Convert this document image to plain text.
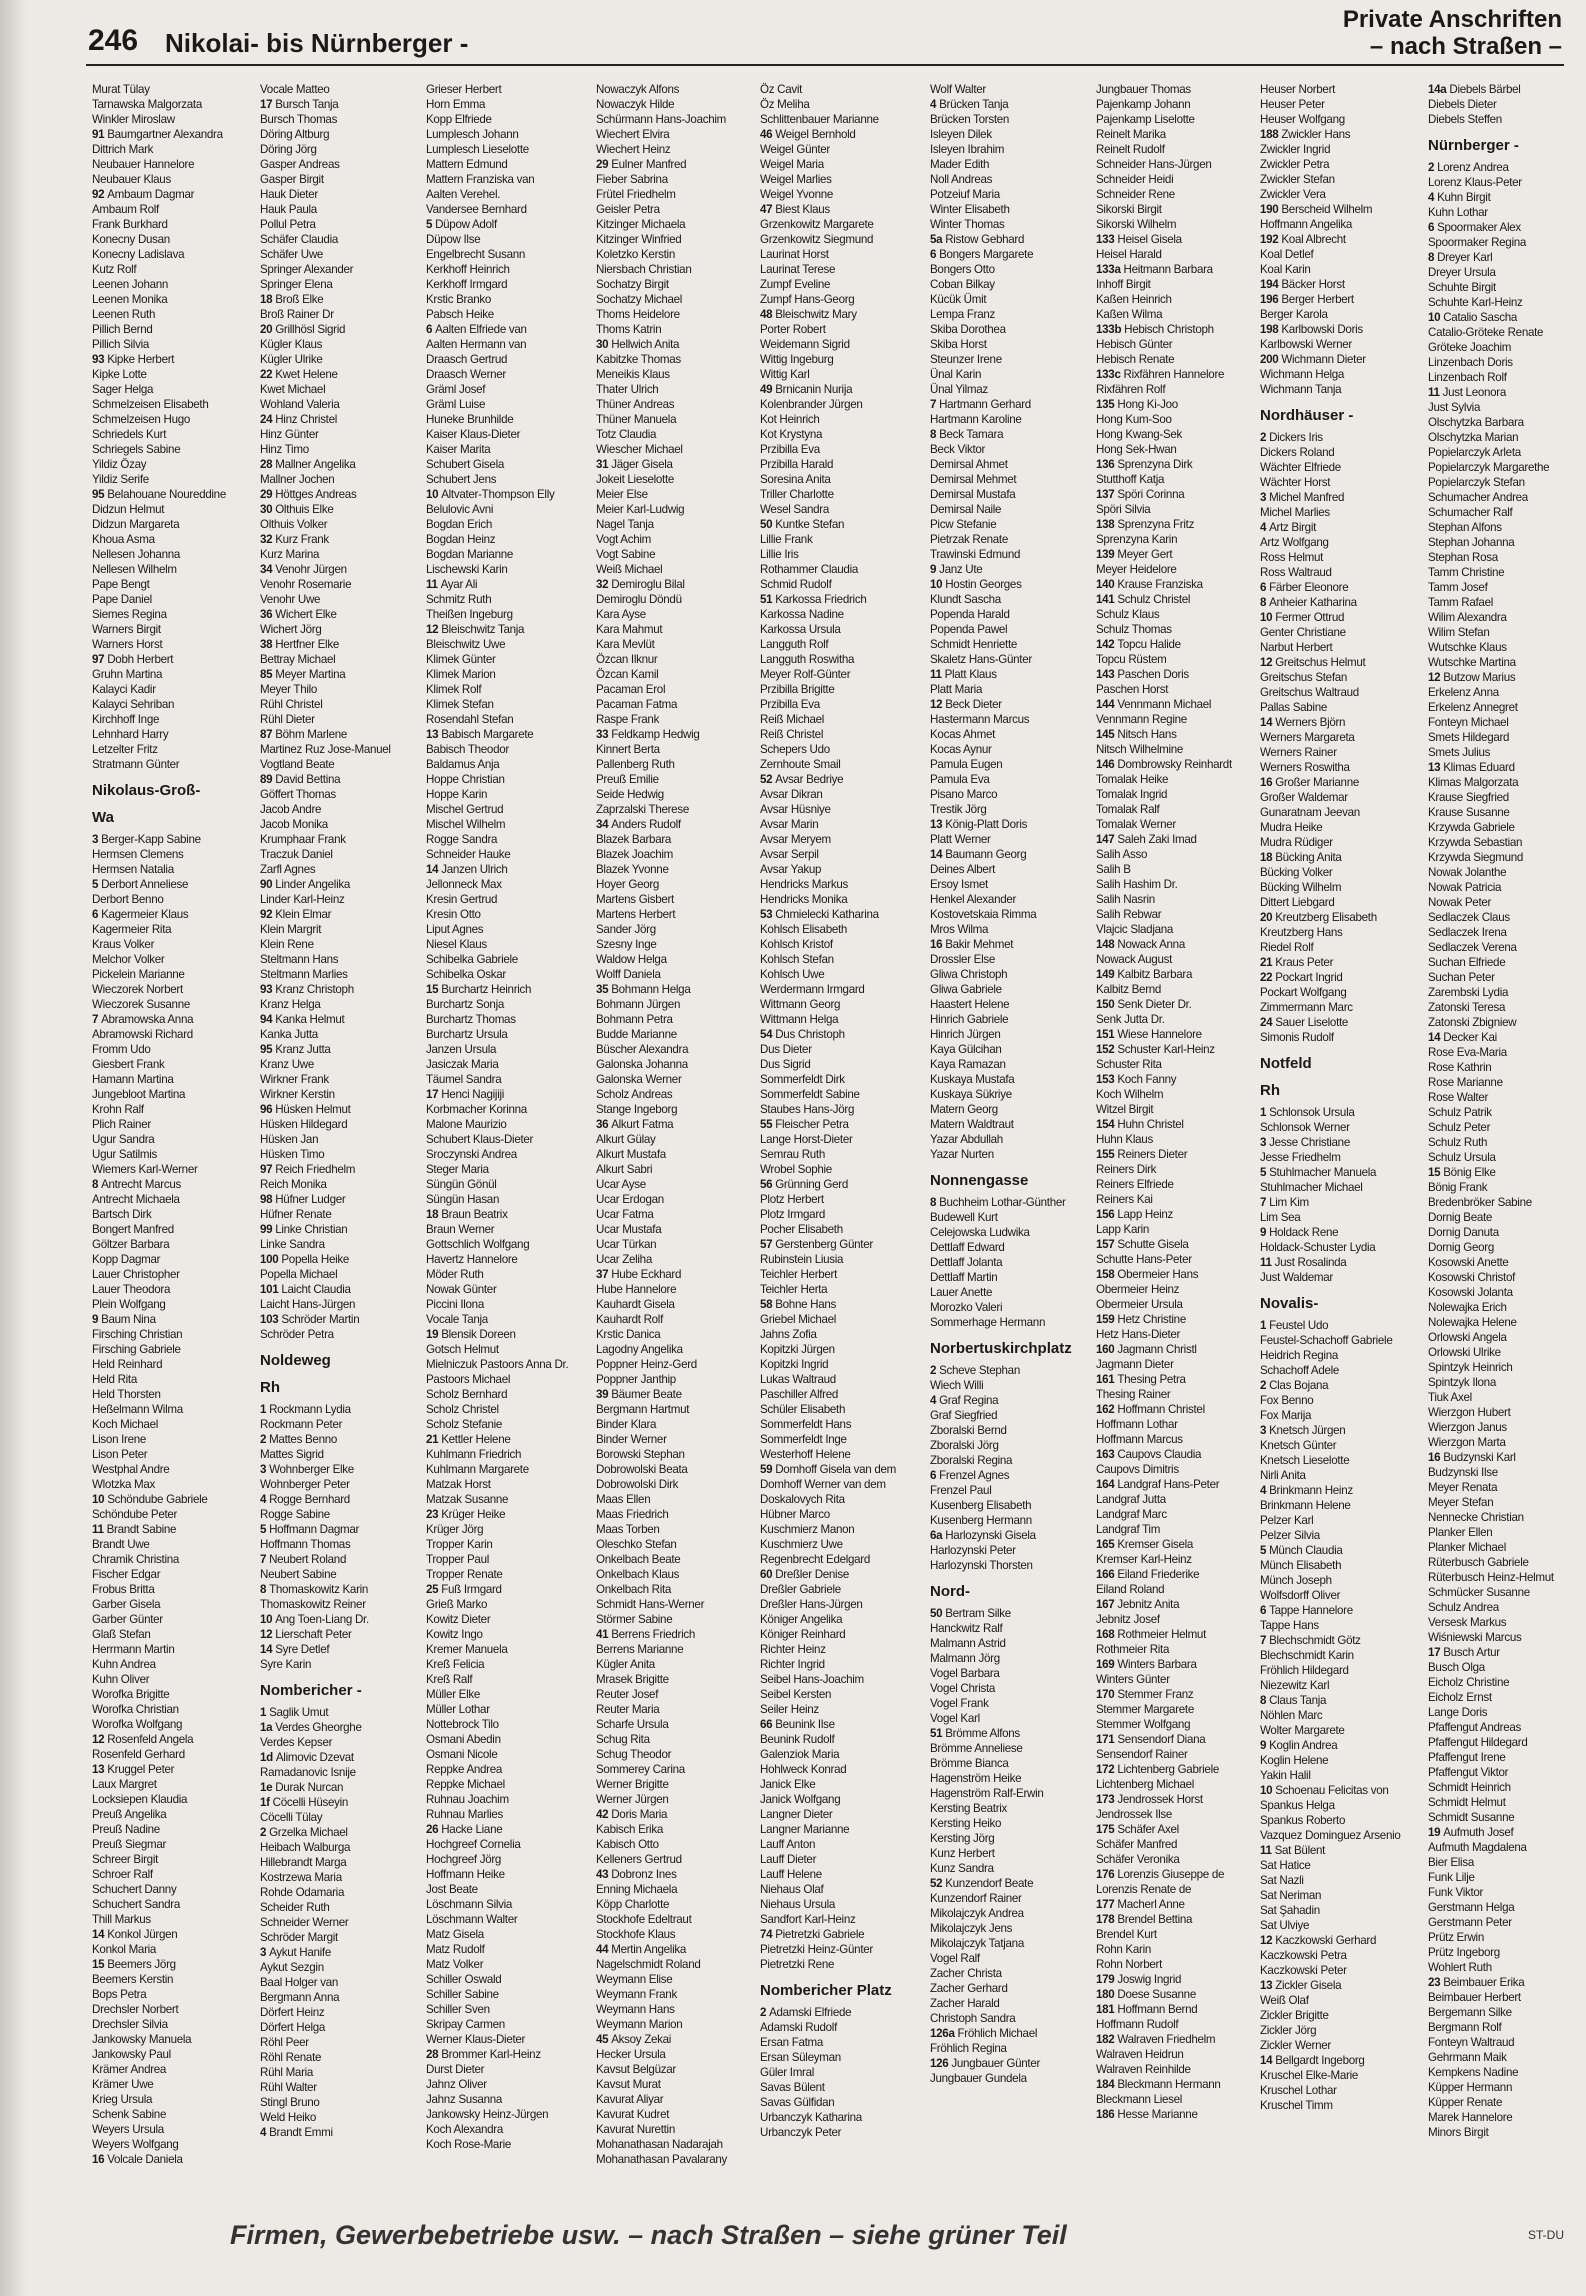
246 Nikolai- bis Nürnberger -
Private Anschriften
– nach Straßen –
Murat Tülay
Tarnawska Malgorzata
Winkler Miroslaw
91 Baumgartner Alexandra
Dittrich Mark
Neubauer Hannelore
Neubauer Klaus
92 Ambaum Dagmar
Ambaum Rolf
Frank Burkhard
Konecny Dusan
Konecny Ladislava
Kutz Rolf
Leenen Johann
Leenen Monika
Leenen Ruth
Pillich Bernd
Pillich Silvia
93 Kipke Herbert
Kipke Lotte
Sager Helga
Schmelzeisen Elisabeth
Schmelzeisen Hugo
Schriedels Kurt
Schriegels Sabine
Yildiz Özay
Yildiz Serife
95 Belahouane Noureddine
Didzun Helmut
Didzun Margareta
Khoua Asma
Nellesen Johanna
Nellesen Wilhelm
Pape Bengt
Pape Daniel
Siemes Regina
Warners Birgit
Warners Horst
97 Dobh Herbert
Gruhn Martina
Kalayci Kadir
Kalayci Sehriban
Kirchhoff Inge
Lehnhard Harry
Letzelter Fritz
Stratmann Günter
Nikolaus-Groß-
Wa
3 Berger-Kapp Sabine
Hermsen Clemens
Hermsen Natalia
5 Derbort Anneliese
Derbort Benno
6 Kagermeier Klaus
Kagermeier Rita
Kraus Volker
Melchor Volker
Pickelein Marianne
Wieczorek Norbert
Wieczorek Susanne
7 Abramowska Anna
Abramowski Richard
Fromm Udo
Giesbert Frank
Hamann Martina
Jungebloot Martina
Krohn Ralf
Plich Rainer
Ugur Sandra
Ugur Satilmis
Wiemers Karl-Werner
8 Antrecht Marcus
Antrecht Michaela
Bartsch Dirk
Bongert Manfred
Göltzer Barbara
Kopp Dagmar
Lauer Christopher
Lauer Theodora
Plein Wolfgang
9 Baum Nina
Firsching Christian
Firsching Gabriele
Held Reinhard
Held Rita
Held Thorsten
Heßelmann Wilma
Koch Michael
Lison Irene
Lison Peter
Westphal Andre
Wlotzka Max
10 Schöndube Gabriele
Schöndube Peter
11 Brandt Sabine
Brandt Uwe
Chramik Christina
Fischer Edgar
Frobus Britta
Garber Gisela
Garber Günter
Glaß Stefan
Herrmann Martin
Kuhn Andrea
Kuhn Oliver
Worofka Brigitte
Worofka Christian
Worofka Wolfgang
12 Rosenfeld Angela
Rosenfeld Gerhard
13 Kruggel Peter
Laux Margret
Locksiepen Klaudia
Preuß Angelika
Preuß Nadine
Preuß Siegmar
Schreer Birgit
Schroer Ralf
Schuchert Danny
Schuchert Sandra
Thill Markus
14 Konkol Jürgen
Konkol Maria
15 Beemers Jörg
Beemers Kerstin
Bops Petra
Drechsler Norbert
Drechsler Silvia
Jankowsky Manuela
Jankowsky Paul
Krämer Andrea
Krämer Uwe
Krieg Ursula
Schenk Sabine
Weyers Ursula
Weyers Wolfgang
16 Volcale Daniela
Vocale Matteo
17 Bursch Tanja
Bursch Thomas
Döring Altburg
Döring Jörg
Gasper Andreas
Gasper Birgit
Hauk Dieter
Hauk Paula
Pollul Petra
Schäfer Claudia
Schäfer Uwe
Springer Alexander
Springer Elena
18 Broß Elke
Broß Rainer Dr
20 Grillhösl Sigrid
Kügler Klaus
Kügler Ulrike
22 Kwet Helene
Kwet Michael
Wohland Valeria
24 Hinz Christel
Hinz Günter
Hinz Timo
28 Mallner Angelika
Mallner Jochen
29 Höttges Andreas
30 Olthuis Elke
Olthuis Volker
32 Kurz Frank
Kurz Marina
34 Venohr Jürgen
Venohr Rosemarie
Venohr Uwe
36 Wichert Elke
Wichert Jörg
38 Hertfner Elke
Bettray Michael
85 Meyer Martina
Meyer Thilo
Rühl Christel
Rühl Dieter
87 Böhm Marlene
Martinez Ruz Jose-Manuel
Vogtland Beate
89 David Bettina
Göffert Thomas
Jacob Andre
Jacob Monika
Krumphaar Frank
Traczuk Daniel
Zarfl Agnes
90 Linder Angelika
Linder Karl-Heinz
92 Klein Elmar
Klein Margrit
Klein Rene
Steltmann Hans
Steltmann Marlies
93 Kranz Christoph
Kranz Helga
94 Kanka Helmut
Kanka Jutta
95 Kranz Jutta
Kranz Uwe
Wirkner Frank
Wirkner Kerstin
96 Hüsken Helmut
Hüsken Hildegard
Hüsken Jan
Hüsken Timo
97 Reich Friedhelm
Reich Monika
98 Hüfner Ludger
Hüfner Renate
99 Linke Christian
Linke Sandra
100 Popella Heike
Popella Michael
101 Laicht Claudia
Laicht Hans-Jürgen
103 Schröder Martin
Schröder Petra
Noldeweg
Rh
1 Rockmann Lydia
Rockmann Peter
2 Mattes Benno
Mattes Sigrid
3 Wohnberger Elke
Wohnberger Peter
4 Rogge Bernhard
Rogge Sabine
5 Hoffmann Dagmar
Hoffmann Thomas
7 Neubert Roland
Neubert Sabine
8 Thomaskowitz Karin
Thomaskowitz Reiner
10 Ang Toen-Liang Dr.
12 Lierschaft Peter
14 Syre Detlef
Syre Karin
Nombericher -
1 Saglik Umut
1a Verdes Gheorghe
Verdes Kepser
1d Alimovic Dzevat
Ramadanovic Isnije
1e Durak Nurcan
1f Cöcelli Hüseyin
Cöcelli Tülay
2 Grzelka Michael
Heibach Walburga
Hillebrandt Marga
Kostrzewa Maria
Rohde Odamaria
Scheider Ruth
Schneider Werner
Schröder Margit
3 Aykut Hanife
Aykut Sezgin
Baal Holger van
Bergmann Anna
Dörfert Heinz
Dörfert Helga
Röhl Peer
Röhl Renate
Rühl Maria
Rühl Walter
Stingl Bruno
Weld Heiko
4 Brandt Emmi
Grieser Herbert
Horn Emma
Kopp Elfriede
Lumplesch Johann
Lumplesch Lieselotte
Mattern Edmund
Mattern Franziska van
Aalten Verehel.
Vandersee Bernhard
5 Düpow Adolf
Düpow Ilse
Engelbrecht Susann
Kerkhoff Heinrich
Kerkhoff Irmgard
Krstic Branko
Pabsch Heike
6 Aalten Elfriede van
Aalten Hermann van
Draasch Gertrud
Draasch Werner
Gräml Josef
Gräml Luise
Huneke Brunhilde
Kaiser Klaus-Dieter
Kaiser Marita
Schubert Gisela
Schubert Jens
10 Altvater-Thompson Elly
Belulovic Avni
Bogdan Erich
Bogdan Heinz
Bogdan Marianne
Lischewski Karin
11 Ayar Ali
Schmitz Ruth
Theißen Ingeburg
12 Bleischwitz Tanja
Bleischwitz Uwe
Klimek Günter
Klimek Marion
Klimek Rolf
Klimek Stefan
Rosendahl Stefan
13 Babisch Margarete
Babisch Theodor
Baldamus Anja
Hoppe Christian
Hoppe Karin
Mischel Gertrud
Mischel Wilhelm
Rogge Sandra
Schneider Hauke
14 Janzen Ulrich
Jellonneck Max
Kresin Gertrud
Kresin Otto
Liput Agnes
Niesel Klaus
Schibelka Gabriele
Schibelka Oskar
15 Burchartz Heinrich
Burchartz Sonja
Burchartz Thomas
Burchartz Ursula
Janzen Ursula
Jasiczak Maria
Täumel Sandra
17 Henci Nagijiji
Korbmacher Korinna
Malone Maurizio
Schubert Klaus-Dieter
Sroczynski Andrea
Steger Maria
Süngün Gönül
Süngün Hasan
18 Braun Beatrix
Braun Werner
Gottschlich Wolfgang
Havertz Hannelore
Möder Ruth
Nowak Günter
Piccini Ilona
Vocale Tanja
19 Blensik Doreen
Gotsch Helmut
Mielniczuk Pastoors Anna Dr.
Pastoors Michael
Scholz Bernhard
Scholz Christel
Scholz Stefanie
21 Kettler Helene
Kuhlmann Friedrich
Kuhlmann Margarete
Matzak Horst
Matzak Susanne
23 Krüger Heike
Krüger Jörg
Tropper Karin
Tropper Paul
Tropper Renate
25 Fuß Irmgard
Grieß Marko
Kowitz Dieter
Kowitz Ingo
Kremer Manuela
Kreß Felicia
Kreß Ralf
Müller Elke
Müller Lothar
Nottebrock Tilo
Osmani Abedin
Osmani Nicole
Reppke Andrea
Reppke Michael
Ruhnau Joachim
Ruhnau Marlies
26 Hacke Liane
Hochgreef Cornelia
Hochgreef Jörg
Hoffmann Heike
Jost Beate
Löschmann Silvia
Löschmann Walter
Matz Gisela
Matz Rudolf
Matz Volker
Schiller Oswald
Schiller Sabine
Schiller Sven
Skripay Carmen
Werner Klaus-Dieter
28 Brommer Karl-Heinz
Durst Dieter
Jahnz Oliver
Jahnz Susanna
Jankowsky Heinz-Jürgen
Koch Alexandra
Koch Rose-Marie
Nowaczyk Alfons
Nowaczyk Hilde
Schürmann Hans-Joachim
Wiechert Elvira
Wiechert Heinz
29 Eulner Manfred
Fieber Sabrina
Frütel Friedhelm
Geisler Petra
Kitzinger Michaela
Kitzinger Winfried
Koletzko Kerstin
Niersbach Christian
Sochatzy Birgit
Sochatzy Michael
Thoms Heidelore
Thoms Katrin
30 Hellwich Anita
Kabitzke Thomas
Meneikis Klaus
Thater Ulrich
Thüner Andreas
Thüner Manuela
Totz Claudia
Wiescher Michael
31 Jäger Gisela
Jokeit Lieselotte
Meier Else
Meier Karl-Ludwig
Nagel Tanja
Vogt Achim
Vogt Sabine
Weiß Michael
32 Demiroglu Bilal
Demiroglu Döndü
Kara Ayse
Kara Mahmut
Kara Mevlüt
Özcan Ilknur
Özcan Kamil
Pacaman Erol
Pacaman Fatma
Raspe Frank
33 Feldkamp Hedwig
Kinnert Berta
Pallenberg Ruth
Preuß Emilie
Seide Hedwig
Zaprzalski Therese
34 Anders Rudolf
Blazek Barbara
Blazek Joachim
Blazek Yvonne
Hoyer Georg
Martens Gisbert
Martens Herbert
Sander Jörg
Szesny Inge
Waldow Helga
Wolff Daniela
35 Bohmann Helga
Bohmann Jürgen
Bohmann Petra
Budde Marianne
Büscher Alexandra
Galonska Johanna
Galonska Werner
Scholz Andreas
Stange Ingeborg
36 Alkurt Fatma
Alkurt Gülay
Alkurt Mustafa
Alkurt Sabri
Ucar Ayse
Ucar Erdogan
Ucar Fatma
Ucar Mustafa
Ucar Türkan
Ucar Zeliha
37 Hube Eckhard
Hube Hannelore
Kauhardt Gisela
Kauhardt Rolf
Krstic Danica
Lagodny Angelika
Poppner Heinz-Gerd
Poppner Janthip
39 Bäumer Beate
Bergmann Hartmut
Binder Klara
Binder Werner
Borowski Stephan
Dobrowolski Beata
Dobrowolski Dirk
Maas Ellen
Maas Friedrich
Maas Torben
Oleschko Stefan
Onkelbach Beate
Onkelbach Klaus
Onkelbach Rita
Schmidt Hans-Werner
Störmer Sabine
41 Berrens Friedrich
Berrens Marianne
Kügler Anita
Mrasek Brigitte
Reuter Josef
Reuter Maria
Scharfe Ursula
Schug Rita
Schug Theodor
Sommerey Carina
Werner Brigitte
Werner Jürgen
42 Doris Maria
Kabisch Erika
Kabisch Otto
Kelleners Gertrud
43 Dobronz Ines
Enning Michaela
Köpp Charlotte
Stockhofe Edeltraut
Stockhofe Klaus
44 Mertin Angelika
Nagelschmidt Roland
Weymann Elise
Weymann Frank
Weymann Hans
Weymann Marion
45 Aksoy Zekai
Hecker Ursula
Kavsut Belgüzar
Kavsut Murat
Kavurat Aliyar
Kavurat Kudret
Kavurat Nurettin
Mohanathasan Nadarajah
Mohanathasan Pavalarany
Öz Cavit
Öz Meliha
Schlittenbauer Marianne
46 Weigel Bernhold
Weigel Günter
Weigel Maria
Weigel Marlies
Weigel Yvonne
47 Biest Klaus
Grzenkowitz Margarete
Grzenkowitz Siegmund
Laurinat Horst
Laurinat Terese
Zumpf Eveline
Zumpf Hans-Georg
48 Bleischwitz Mary
Porter Robert
Weidemann Sigrid
Wittig Ingeburg
Wittig Karl
49 Brnicanin Nurija
Kolenbrander Jürgen
Kot Heinrich
Kot Krystyna
Przibilla Eva
Przibilla Harald
Soresina Anita
Triller Charlotte
Wesel Sandra
50 Kuntke Stefan
Lillie Frank
Lillie Iris
Rothammer Claudia
Schmid Rudolf
51 Karkossa Friedrich
Karkossa Nadine
Karkossa Ursula
Langguth Rolf
Langguth Roswitha
Meyer Rolf-Günter
Przibilla Brigitte
Przibilla Eva
Reiß Michael
Reiß Christel
Schepers Udo
Zernhoute Smail
52 Avsar Bedriye
Avsar Dikran
Avsar Hüsniye
Avsar Marin
Avsar Meryem
Avsar Serpil
Avsar Yakup
Hendricks Markus
Hendricks Monika
53 Chmielecki Katharina
Kohlsch Elisabeth
Kohlsch Kristof
Kohlsch Stefan
Kohlsch Uwe
Werdermann Irmgard
Wittmann Georg
Wittmann Helga
54 Dus Christoph
Dus Dieter
Dus Sigrid
Sommerfeldt Dirk
Sommerfeldt Sabine
Staubes Hans-Jörg
55 Fleischer Petra
Lange Horst-Dieter
Semrau Ruth
Wrobel Sophie
56 Grünning Gerd
Plotz Herbert
Plotz Irmgard
Pocher Elisabeth
57 Gerstenberg Günter
Rubinstein Liusia
Teichler Herbert
Teichler Herta
58 Bohne Hans
Griebel Michael
Jahns Zofia
Kopitzki Jürgen
Kopitzki Ingrid
Lukas Waltraud
Paschiller Alfred
Schüler Elisabeth
Sommerfeldt Hans
Sommerfeldt Inge
Westerhoff Helene
59 Domhoff Gisela van dem
Domhoff Werner van dem
Doskalovych Rita
Hübner Marco
Kuschmierz Manon
Kuschmierz Uwe
Regenbrecht Edelgard
60 Dreßler Denise
Dreßler Gabriele
Dreßler Hans-Jürgen
Königer Angelika
Königer Reinhard
Richter Heinz
Richter Ingrid
Seibel Hans-Joachim
Seibel Kersten
Seiler Heinz
66 Beunink Ilse
Beunink Rudolf
Galenziok Maria
Hohlweck Konrad
Janick Elke
Janick Wolfgang
Langner Dieter
Langner Marianne
Lauff Anton
Lauff Dieter
Lauff Helene
Niehaus Olaf
Niehaus Ursula
Sandfort Karl-Heinz
74 Pietretzki Gabriele
Pietretzki Heinz-Günter
Pietretzki Rene
Nombericher Platz
2 Adamski Elfriede
Adamski Rudolf
Ersan Fatma
Ersan Süleyman
Güler Imral
Savas Bülent
Savas Gülfidan
Urbanczyk Katharina
Urbanczyk Peter
Wolf Walter
4 Brücken Tanja
Brücken Torsten
Isleyen Dilek
Isleyen Ibrahim
Mader Edith
Noll Andreas
Potzeiuf Maria
Winter Elisabeth
Winter Thomas
5a Ristow Gebhard
6 Bongers Margarete
Bongers Otto
Coban Bilkay
Kücük Ümit
Lempa Franz
Skiba Dorothea
Skiba Horst
Steunzer Irene
Ünal Karin
Ünal Yilmaz
7 Hartmann Gerhard
Hartmann Karoline
8 Beck Tamara
Beck Viktor
Demirsal Ahmet
Demirsal Mehmet
Demirsal Mustafa
Demirsal Naile
Picw Stefanie
Pietrzak Renate
Trawinski Edmund
9 Janz Ute
10 Hostin Georges
Klundt Sascha
Popenda Harald
Popenda Pawel
Schmidt Henriette
Skaletz Hans-Günter
11 Platt Klaus
Platt Maria
12 Beck Dieter
Hastermann Marcus
Kocas Ahmet
Kocas Aynur
Pamula Eugen
Pamula Eva
Pisano Marco
Trestik Jörg
13 König-Platt Doris
Platt Werner
14 Baumann Georg
Deines Albert
Ersoy Ismet
Henkel Alexander
Kostovetskaia Rimma
Mros Wilma
16 Bakir Mehmet
Drossler Else
Gliwa Christoph
Gliwa Gabriele
Haastert Helene
Hinrich Gabriele
Hinrich Jürgen
Kaya Gülcihan
Kaya Ramazan
Kuskaya Mustafa
Kuskaya Sükriye
Matern Georg
Matern Waldtraut
Yazar Abdullah
Yazar Nurten
Nonnengasse
8 Buchheim Lothar-Günther
Budewell Kurt
Celejowska Ludwika
Dettlaff Edward
Dettlaff Jolanta
Dettlaff Martin
Lauer Anette
Morozko Valeri
Sommerhage Hermann
Norbertuskirchplatz
2 Scheve Stephan
Wiech Willi
4 Graf Regina
Graf Siegfried
Zboralski Bernd
Zboralski Jörg
Zboralski Regina
6 Frenzel Agnes
Frenzel Paul
Kusenberg Elisabeth
Kusenberg Hermann
6a Harlozynski Gisela
Harlozynski Peter
Harlozynski Thorsten
Nord-
50 Bertram Silke
Hanckwitz Ralf
Malmann Astrid
Malmann Jörg
Vogel Barbara
Vogel Christa
Vogel Frank
Vogel Karl
51 Brömme Alfons
Brömme Anneliese
Brömme Bianca
Hagenström Heike
Hagenström Ralf-Erwin
Kersting Beatrix
Kersting Heiko
Kersting Jörg
Kunz Herbert
Kunz Sandra
52 Kunzendorf Beate
Kunzendorf Rainer
Mikolajczyk Andrea
Mikolajczyk Jens
Mikolajczyk Tatjana
Vogel Ralf
Zacher Christa
Zacher Gerhard
Zacher Harald
Christoph Sandra
126a Fröhlich Michael
Fröhlich Regina
126 Jungbauer Günter
Jungbauer Gundela
Jungbauer Thomas
Pajenkamp Johann
Pajenkamp Liselotte
Reinelt Marika
Reinelt Rudolf
Schneider Hans-Jürgen
Schneider Heidi
Schneider Rene
Sikorski Birgit
Sikorski Wilhelm
133 Heisel Gisela
Heisel Harald
133a Heitmann Barbara
Inhoff Birgit
Kaßen Heinrich
Kaßen Wilma
133b Hebisch Christoph
Hebisch Günter
Hebisch Renate
133c Rixfähren Hannelore
Rixfähren Rolf
135 Hong Ki-Joo
Hong Kum-Soo
Hong Kwang-Sek
Hong Sek-Hwan
136 Sprenzyna Dirk
Stutthoff Katja
137 Spöri Corinna
Spöri Silvia
138 Sprenzyna Fritz
Sprenzyna Karin
139 Meyer Gert
Meyer Heidelore
140 Krause Franziska
141 Schulz Christel
Schulz Klaus
Schulz Thomas
142 Topcu Halide
Topcu Rüstem
143 Paschen Doris
Paschen Horst
144 Vennmann Michael
Vennmann Regine
145 Nitsch Hans
Nitsch Wilhelmine
146 Dombrowsky Reinhardt
Tomalak Heike
Tomalak Ingrid
Tomalak Ralf
Tomalak Werner
147 Saleh Zaki Imad
Salih Asso
Salih B
Salih Hashim Dr.
Salih Nasrin
Salih Rebwar
Vlajcic Sladjana
148 Nowack Anna
Nowack August
149 Kalbitz Barbara
Kalbitz Bernd
150 Senk Dieter Dr.
Senk Jutta Dr.
151 Wiese Hannelore
152 Schuster Karl-Heinz
Schuster Rita
153 Koch Fanny
Koch Wilhelm
Witzel Birgit
154 Huhn Christel
Huhn Klaus
155 Reiners Dieter
Reiners Dirk
Reiners Elfriede
Reiners Kai
156 Lapp Heinz
Lapp Karin
157 Schutte Gisela
Schutte Hans-Peter
158 Obermeier Hans
Obermeier Heinz
Obermeier Ursula
159 Hetz Christine
Hetz Hans-Dieter
160 Jagmann Christl
Jagmann Dieter
161 Thesing Petra
Thesing Rainer
162 Hoffmann Christel
Hoffmann Lothar
Hoffmann Marcus
163 Caupovs Claudia
Caupovs Dimitris
164 Landgraf Hans-Peter
Landgraf Jutta
Landgraf Marc
Landgraf Tim
165 Kremser Gisela
Kremser Karl-Heinz
166 Eiland Friederike
Eiland Roland
167 Jebnitz Anita
Jebnitz Josef
168 Rothmeier Helmut
Rothmeier Rita
169 Winters Barbara
Winters Günter
170 Stemmer Franz
Stemmer Margarete
Stemmer Wolfgang
171 Sensendorf Diana
Sensendorf Rainer
172 Lichtenberg Gabriele
Lichtenberg Michael
173 Jendrossek Horst
Jendrossek Ilse
175 Schäfer Axel
Schäfer Manfred
Schäfer Veronika
176 Lorenzis Giuseppe de
Lorenzis Renate de
177 Macherl Anne
178 Brendel Bettina
Brendel Kurt
Rohn Karin
Rohn Norbert
179 Joswig Ingrid
180 Doese Susanne
181 Hoffmann Bernd
Hoffmann Rudolf
182 Walraven Friedhelm
Walraven Heidrun
Walraven Reinhilde
184 Bleckmann Hermann
Bleckmann Liesel
186 Hesse Marianne
Heuser Norbert
Heuser Peter
Heuser Wolfgang
188 Zwickler Hans
Zwickler Ingrid
Zwickler Petra
Zwickler Stefan
Zwickler Vera
190 Berscheid Wilhelm
Hoffmann Angelika
192 Koal Albrecht
Koal Detlef
Koal Karin
194 Bäcker Horst
196 Berger Herbert
Berger Karola
198 Karlbowski Doris
Karlbowski Werner
200 Wichmann Dieter
Wichmann Helga
Wichmann Tanja
Nordhäuser -
2 Dickers Iris
Dickers Roland
Wächter Elfriede
Wächter Horst
3 Michel Manfred
Michel Marlies
4 Artz Birgit
Artz Wolfgang
Ross Helmut
Ross Waltraud
6 Färber Eleonore
8 Anheier Katharina
10 Fermer Ottrud
Genter Christiane
Narbut Herbert
12 Greitschus Helmut
Greitschus Stefan
Greitschus Waltraud
Pallas Sabine
14 Werners Björn
Werners Margareta
Werners Rainer
Werners Roswitha
16 Großer Marianne
Großer Waldemar
Gunaratnam Jeevan
Mudra Heike
Mudra Rüdiger
18 Bücking Anita
Bücking Volker
Bücking Wilhelm
Dittert Liebgard
20 Kreutzberg Elisabeth
Kreutzberg Hans
Riedel Rolf
21 Kraus Peter
22 Pockart Ingrid
Pockart Wolfgang
Zimmermann Marc
24 Sauer Liselotte
Simonis Rudolf
Notfeld
Rh
1 Schlonsok Ursula
Schlonsok Werner
3 Jesse Christiane
Jesse Friedhelm
5 Stuhlmacher Manuela
Stuhlmacher Michael
7 Lim Kim
Lim Sea
9 Holdack Rene
Holdack-Schuster Lydia
11 Just Rosalinda
Just Waldemar
Novalis-
1 Feustel Udo
Feustel-Schachoff Gabriele
Heidrich Regina
Schachoff Adele
2 Clas Bojana
Fox Benno
Fox Marija
3 Knetsch Jürgen
Knetsch Günter
Knetsch Lieselotte
Nirli Anita
4 Brinkmann Heinz
Brinkmann Helene
Pelzer Karl
Pelzer Silvia
5 Münch Claudia
Münch Elisabeth
Münch Joseph
Wolfsdorff Oliver
6 Tappe Hannelore
Tappe Hans
7 Blechschmidt Götz
Blechschmidt Karin
Fröhlich Hildegard
Niezewitz Karl
8 Claus Tanja
Nöhlen Marc
Wolter Margarete
9 Koglin Andrea
Koglin Helene
Yakin Halil
10 Schoenau Felicitas von
Spankus Helga
Spankus Roberto
Vazquez Dominguez Arsenio
11 Sat Bülent
Sat Hatice
Sat Nazli
Sat Neriman
Sat Şahadin
Sat Ulviye
12 Kaczkowski Gerhard
Kaczkowski Petra
Kaczkowski Peter
13 Zickler Gisela
Weiß Olaf
Zickler Brigitte
Zickler Jörg
Zickler Werner
14 Bellgardt Ingeborg
Kruschel Elke-Marie
Kruschel Lothar
Kruschel Timm
14a Diebels Bärbel
Diebels Dieter
Diebels Steffen
Nürnberger -
2 Lorenz Andrea
Lorenz Klaus-Peter
4 Kuhn Birgit
Kuhn Lothar
6 Spoormaker Alex
Spoormaker Regina
8 Dreyer Karl
Dreyer Ursula
Schuhte Birgit
Schuhte Karl-Heinz
10 Catalio Sascha
Catalio-Gröteke Renate
Gröteke Joachim
Linzenbach Doris
Linzenbach Rolf
11 Just Leonora
Just Sylvia
Olschytzka Barbara
Olschytzka Marian
Popielarczyk Arleta
Popielarczyk Margarethe
Popielarczyk Stefan
Schumacher Andrea
Schumacher Ralf
Stephan Alfons
Stephan Johanna
Stephan Rosa
Tamm Christine
Tamm Josef
Tamm Rafael
Wilim Alexandra
Wilim Stefan
Wutschke Klaus
Wutschke Martina
12 Butzow Marius
Erkelenz Anna
Erkelenz Annegret
Fonteyn Michael
Smets Hildegard
Smets Julius
13 Klimas Eduard
Klimas Malgorzata
Krause Siegfried
Krause Susanne
Krzywda Gabriele
Krzywda Sebastian
Krzywda Siegmund
Nowak Jolanthe
Nowak Patricia
Nowak Peter
Sedlaczek Claus
Sedlaczek Irena
Sedlaczek Verena
Suchan Elfriede
Suchan Peter
Zarembski Lydia
Zatonski Teresa
Zatonski Zbigniew
14 Decker Kai
Rose Eva-Maria
Rose Kathrin
Rose Marianne
Rose Walter
Schulz Patrik
Schulz Peter
Schulz Ruth
Schulz Ursula
15 Bönig Elke
Bönig Frank
Bredenbröker Sabine
Dornig Beate
Dornig Danuta
Dornig Georg
Kosowski Anette
Kosowski Christof
Kosowski Jolanta
Nolewajka Erich
Nolewajka Helene
Orlowski Angela
Orlowski Ulrike
Spintzyk Heinrich
Spintzyk Ilona
Tiuk Axel
Wierzgon Hubert
Wierzgon Janus
Wierzgon Marta
16 Budzynski Karl
Budzynski Ilse
Meyer Renata
Meyer Stefan
Nennecke Christian
Planker Ellen
Planker Michael
Rüterbusch Gabriele
Rüterbusch Heinz-Helmut
Schmücker Susanne
Schulz Andrea
Versesk Markus
Wiśniewski Marcus
17 Busch Artur
Busch Olga
Eicholz Christine
Eicholz Ernst
Lange Doris
Pfaffengut Andreas
Pfaffengut Hildegard
Pfaffengut Irene
Pfaffengut Viktor
Schmidt Heinrich
Schmidt Helmut
Schmidt Susanne
19 Aufmuth Josef
Aufmuth Magdalena
Bier Elisa
Funk Lilje
Funk Viktor
Gerstmann Helga
Gerstmann Peter
Prütz Erwin
Prütz Ingeborg
Wohlert Ruth
23 Beimbauer Erika
Beimbauer Herbert
Bergemann Silke
Bergmann Rolf
Fonteyn Waltraud
Gehrmann Maik
Kempkens Nadine
Küpper Hermann
Küpper Renate
Marek Hannelore
Minors Birgit
Firmen, Gewerbebetriebe usw. – nach Straßen – siehe grüner Teil	ST-DU
